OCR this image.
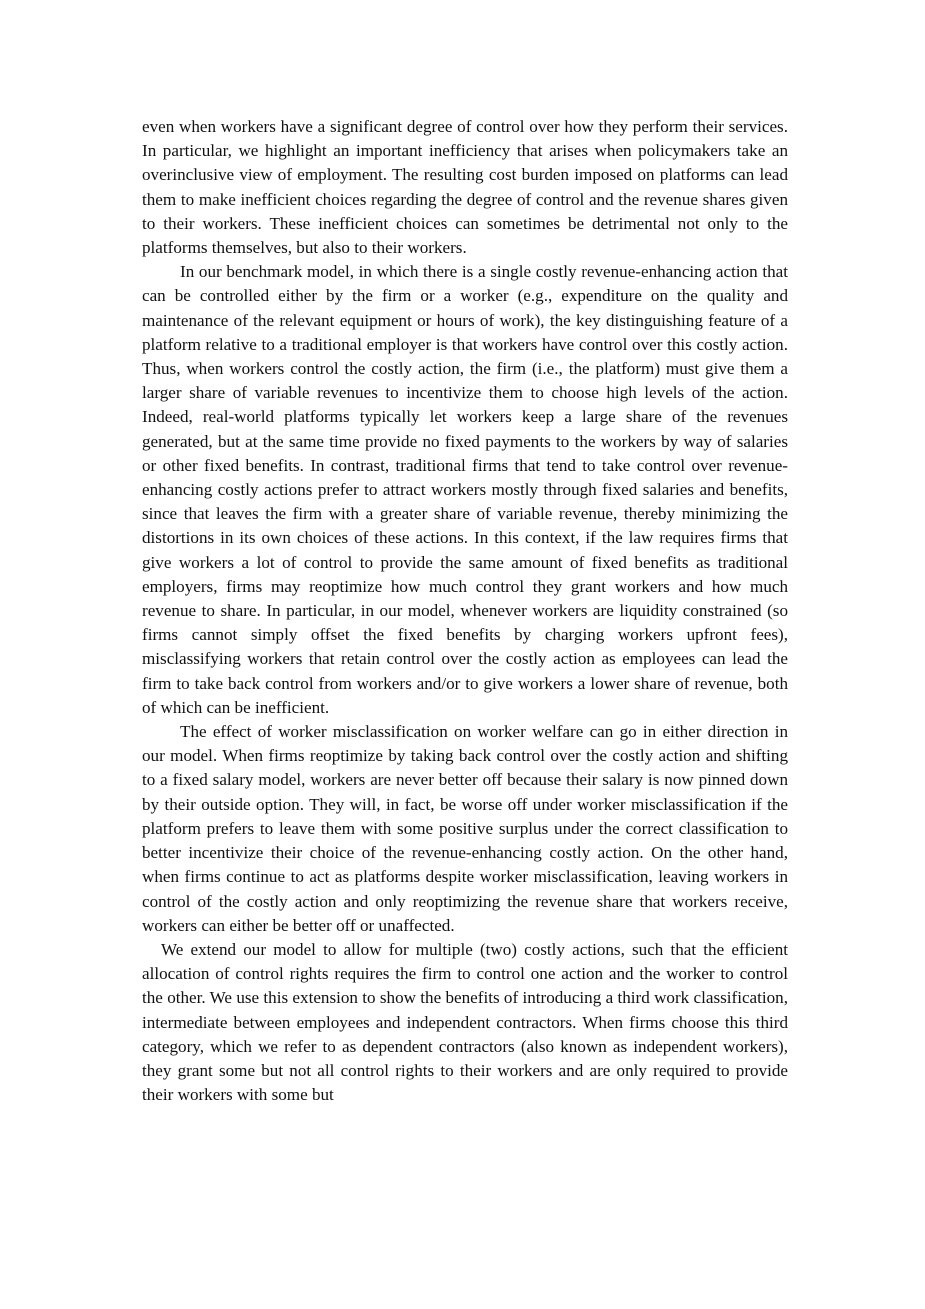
even when workers have a significant degree of control over how they perform their services. In particular, we highlight an important inefficiency that arises when policymakers take an overinclusive view of employment. The resulting cost burden imposed on platforms can lead them to make inefficient choices regarding the degree of control and the revenue shares given to their workers. These inefficient choices can sometimes be detrimental not only to the platforms themselves, but also to their workers.

In our benchmark model, in which there is a single costly revenue-enhancing action that can be controlled either by the firm or a worker (e.g., expenditure on the quality and maintenance of the relevant equipment or hours of work), the key distinguishing feature of a platform relative to a traditional employer is that workers have control over this costly action. Thus, when workers control the costly action, the firm (i.e., the platform) must give them a larger share of variable revenues to incentivize them to choose high levels of the action. Indeed, real-world platforms typically let workers keep a large share of the revenues generated, but at the same time provide no fixed payments to the workers by way of salaries or other fixed benefits. In contrast, traditional firms that tend to take control over revenue-enhancing costly actions prefer to attract workers mostly through fixed salaries and benefits, since that leaves the firm with a greater share of variable revenue, thereby minimizing the distortions in its own choices of these actions. In this context, if the law requires firms that give workers a lot of control to provide the same amount of fixed benefits as traditional employers, firms may reoptimize how much control they grant workers and how much revenue to share. In particular, in our model, whenever workers are liquidity constrained (so firms cannot simply offset the fixed benefits by charging workers upfront fees), misclassifying workers that retain control over the costly action as employees can lead the firm to take back control from workers and/or to give workers a lower share of revenue, both of which can be inefficient.

The effect of worker misclassification on worker welfare can go in either direction in our model. When firms reoptimize by taking back control over the costly action and shifting to a fixed salary model, workers are never better off because their salary is now pinned down by their outside option. They will, in fact, be worse off under worker misclassification if the platform prefers to leave them with some positive surplus under the correct classification to better incentivize their choice of the revenue-enhancing costly action. On the other hand, when firms continue to act as platforms despite worker misclassification, leaving workers in control of the costly action and only reoptimizing the revenue share that workers receive, workers can either be better off or unaffected.

We extend our model to allow for multiple (two) costly actions, such that the efficient allocation of control rights requires the firm to control one action and the worker to control the other. We use this extension to show the benefits of introducing a third work classification, intermediate between employees and independent contractors. When firms choose this third category, which we refer to as dependent contractors (also known as independent workers), they grant some but not all control rights to their workers and are only required to provide their workers with some but
